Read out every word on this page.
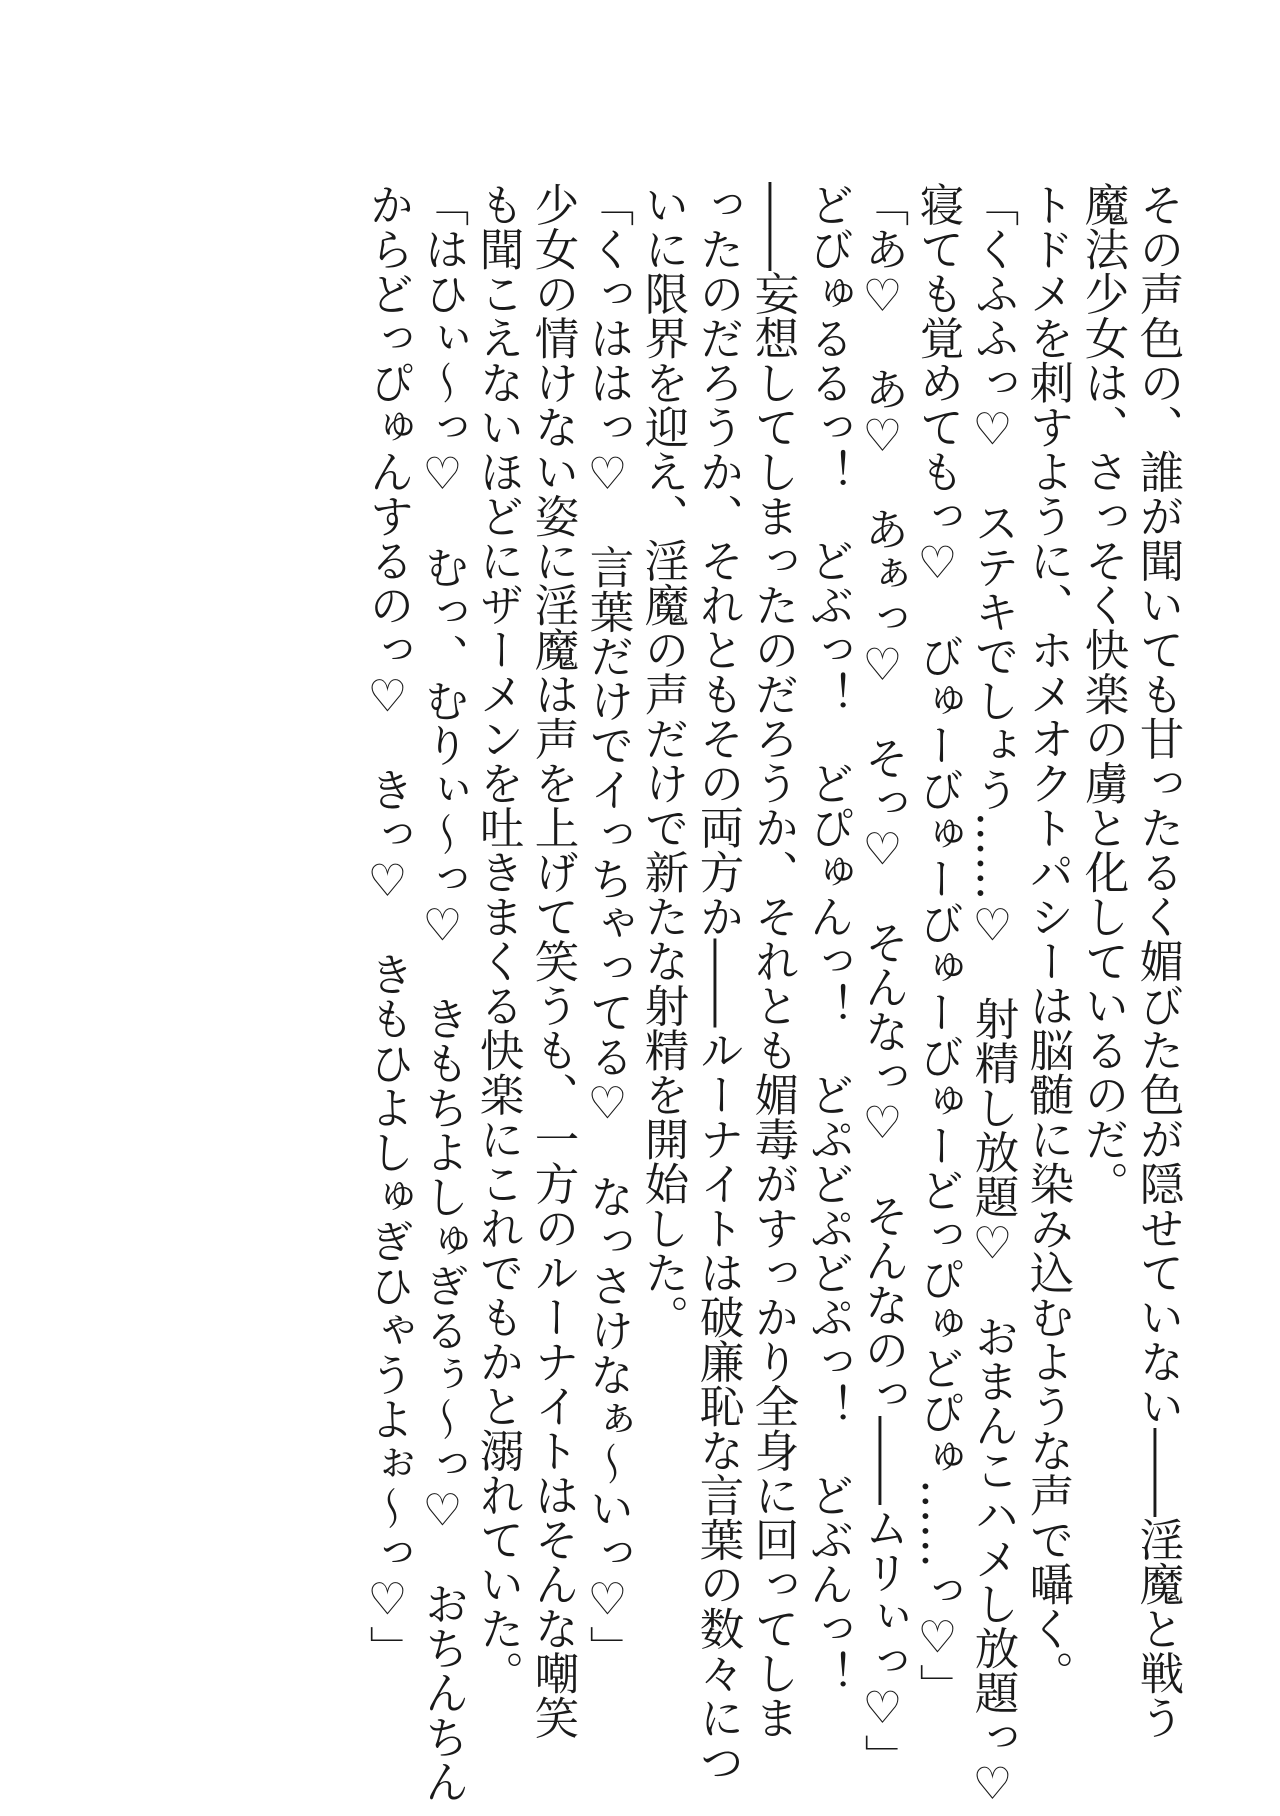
その声色の、誰が聞いても甘ったるく媚びた色が隠せていない――淫魔と戦う
魔法少女は、さっそく快楽の虜と化しているのだ。
トドメを刺すように、ホメオクトパシーは脳髄に染み込むような声で囁く。
「くふふっ♡　ステキでしょう……♡　射精し放題♡　おまんこハメし放題っ♡
寝ても覚めてもっ♡　びゅーびゅーびゅーびゅーどっぴゅどぴゅ……っ♡」
「あ♡　あ♡　あぁっ♡　そっ♡　そんなっ♡　そんなのっ――ムリぃっ♡」
どびゅるるっ！　どぶっ！　どぴゅんっ！　どぷどぷどぷっ！　どぶんっ！
――妄想してしまったのだろうか、それとも媚毒がすっかり全身に回ってしま
ったのだろうか、それともその両方か――ルーナイトは破廉恥な言葉の数々につ
いに限界を迎え、淫魔の声だけで新たな射精を開始した。
「くっははっ♡　言葉だけでイっちゃってる♡　なっさけなぁ～いっ♡」
少女の情けない姿に淫魔は声を上げて笑うも、一方のルーナイトはそんな嘲笑
も聞こえないほどにザーメンを吐きまくる快楽にこれでもかと溺れていた。
「はひぃ～っ♡　むっ、むりぃ～っ♡　きもちよしゅぎるぅ～っ♡　おちんちん
からどっぴゅんするのっ♡　きっ♡　きもひよしゅぎひゃうよぉ～っ♡」
